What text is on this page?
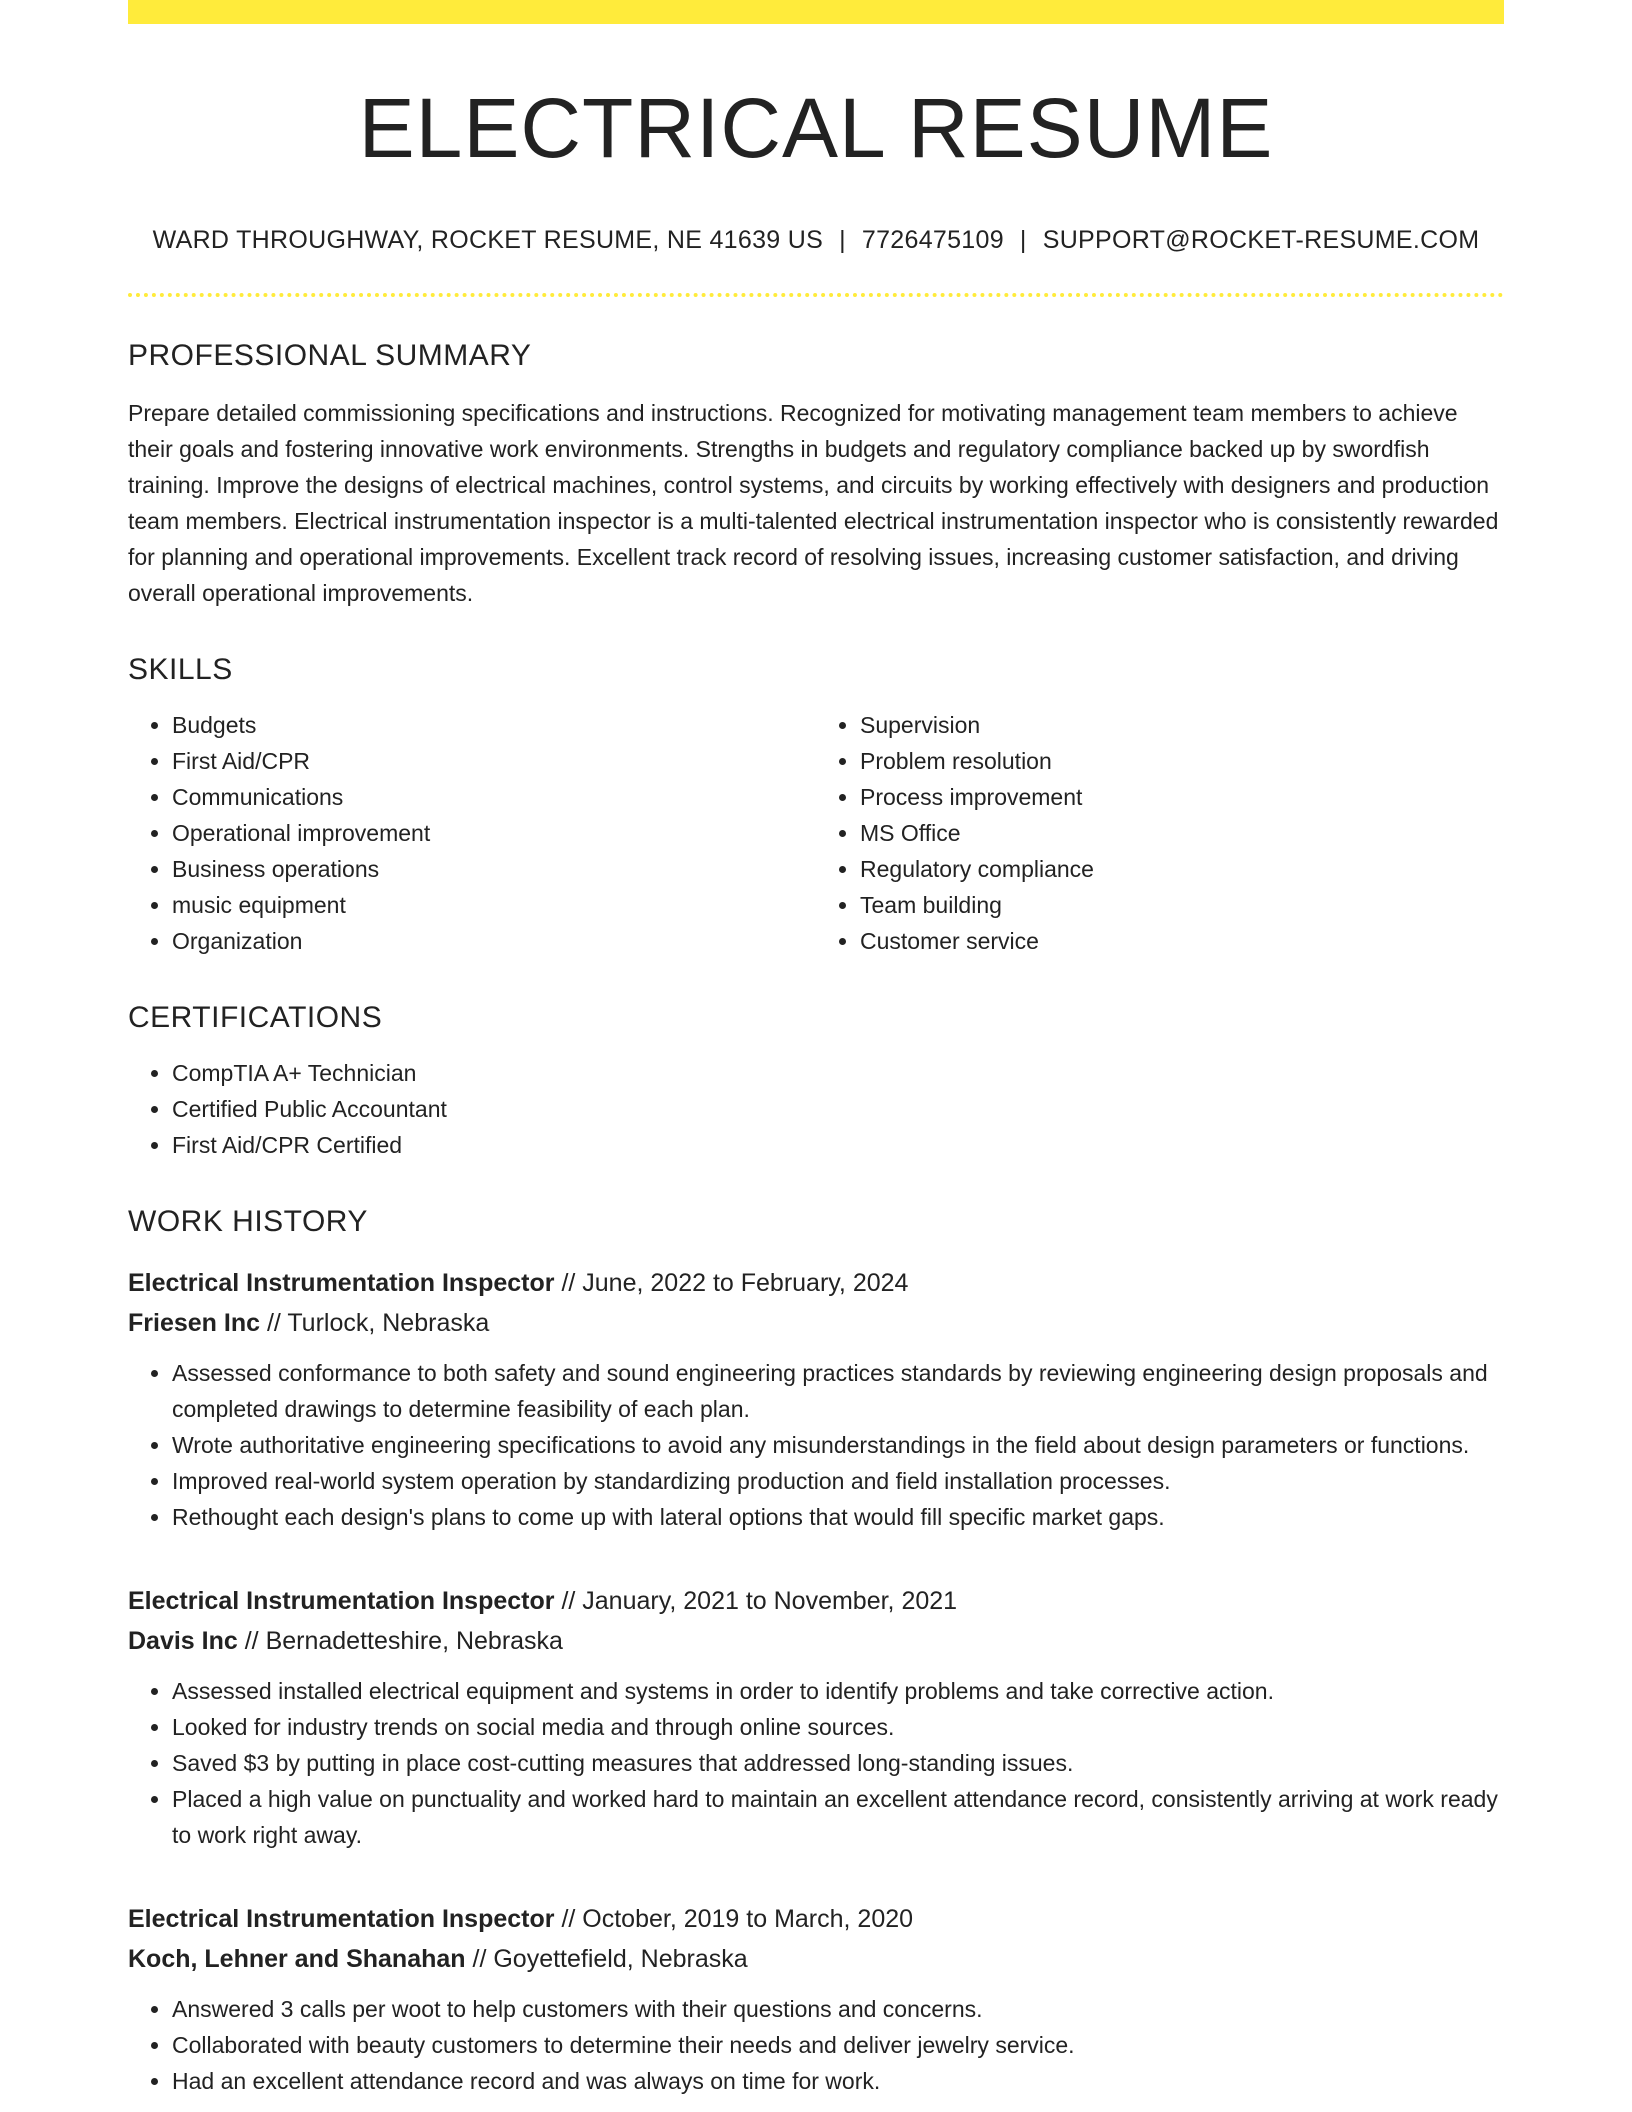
ELECTRICAL RESUME
WARD THROUGHWAY, ROCKET RESUME, NE 41639 US | 7726475109 | SUPPORT@ROCKET-RESUME.COM
PROFESSIONAL SUMMARY

Prepare detailed commissioning specifications and instructions. Recognized for motivating management team members to achieve their goals and fostering innovative work environments. Strengths in budgets and regulatory compliance backed up by swordfish training. Improve the designs of electrical machines, control systems, and circuits by working effectively with designers and production team members. Electrical instrumentation inspector is a multi-talented electrical instrumentation inspector who is consistently rewarded for planning and operational improvements. Excellent track record of resolving issues, increasing customer satisfaction, and driving overall operational improvements.

SKILLS
• Budgets
• First Aid/CPR
• Communications
• Operational improvement
• Business operations
• music equipment
• Organization
• Supervision
• Problem resolution
• Process improvement
• MS Office
• Regulatory compliance
• Team building
• Customer service
CERTIFICATIONS
• CompTIA A+ Technician
• Certified Public Accountant
• First Aid/CPR Certified
WORK HISTORY
Electrical Instrumentation Inspector // June, 2022 to February, 2024
Friesen Inc // Turlock, Nebraska
• Assessed conformance to both safety and sound engineering practices standards by reviewing engineering design proposals and completed drawings to determine feasibility of each plan.
• Wrote authoritative engineering specifications to avoid any misunderstandings in the field about design parameters or functions.
• Improved real-world system operation by standardizing production and field installation processes.
• Rethought each design's plans to come up with lateral options that would fill specific market gaps.
Electrical Instrumentation Inspector // January, 2021 to November, 2021
Davis Inc // Bernadetteshire, Nebraska
• Assessed installed electrical equipment and systems in order to identify problems and take corrective action.
• Looked for industry trends on social media and through online sources.
• Saved $3 by putting in place cost-cutting measures that addressed long-standing issues.
• Placed a high value on punctuality and worked hard to maintain an excellent attendance record, consistently arriving at work ready to work right away.
Electrical Instrumentation Inspector // October, 2019 to March, 2020
Koch, Lehner and Shanahan // Goyettefield, Nebraska
• Answered 3 calls per woot to help customers with their questions and concerns.
• Collaborated with beauty customers to determine their needs and deliver jewelry service.
• Had an excellent attendance record and was always on time for work.
